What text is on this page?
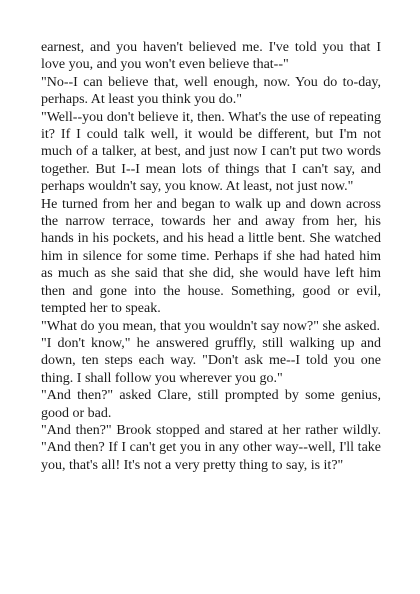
earnest, and you haven't believed me. I've told you that I love you, and you won't even believe that--"

"No--I can believe that, well enough, now. You do to-day, perhaps. At least you think you do."

"Well--you don't believe it, then. What's the use of repeating it? If I could talk well, it would be different, but I'm not much of a talker, at best, and just now I can't put two words together. But I--I mean lots of things that I can't say, and perhaps wouldn't say, you know. At least, not just now."

He turned from her and began to walk up and down across the narrow terrace, towards her and away from her, his hands in his pockets, and his head a little bent. She watched him in silence for some time. Perhaps if she had hated him as much as she said that she did, she would have left him then and gone into the house. Something, good or evil, tempted her to speak.

"What do you mean, that you wouldn't say now?" she asked.

"I don't know," he answered gruffly, still walking up and down, ten steps each way. "Don't ask me--I told you one thing. I shall follow you wherever you go."

"And then?" asked Clare, still prompted by some genius, good or bad.

"And then?" Brook stopped and stared at her rather wildly. "And then? If I can't get you in any other way--well, I'll take you, that's all! It's not a very pretty thing to say, is it?"
